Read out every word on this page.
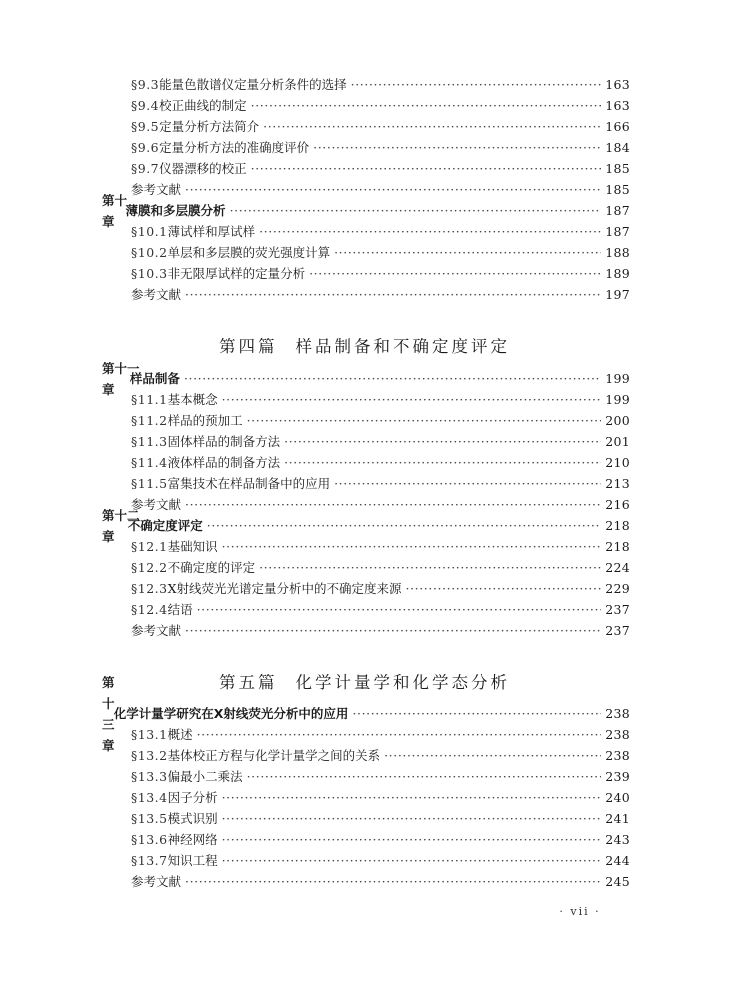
§9.3 能量色散谱仪定量分析条件的选择 ·····	163
§9.4 校正曲线的制定 ·····	163
§9.5 定量分析方法简介 ·····	166
§9.6 定量分析方法的准确度评价 ·····	184
§9.7 仪器漂移的校正 ·····	185
参考文献 ·····	185
第十章
薄膜和多层膜分析 ·····	187
§10.1 薄试样和厚试样 ·····	187
§10.2 单层和多层膜的荧光强度计算 ·····	188
§10.3 非无限厚试样的定量分析 ·····	189
参考文献 ·····	197
第四篇 样品制备和不确定度评定
第十一章
样品制备 ·····	199
§11.1 基本概念 ·····	199
§11.2 样品的预加工 ·····	200
§11.3 固体样品的制备方法 ·····	201
§11.4 液体样品的制备方法 ·····	210
§11.5 富集技术在样品制备中的应用 ·····	213
参考文献 ·····	216
第十二章
不确定度评定 ·····	218
§12.1 基础知识 ·····	218
§12.2 不确定度的评定 ·····	224
§12.3 X射线荧光光谱定量分析中的不确定度来源 ·····	229
§12.4 结语 ·····	237
参考文献 ·····	237
第五篇 化学计量学和化学态分析
第十三章
化学计量学研究在X射线荧光分析中的应用 ·····	238
§13.1 概述 ·····	238
§13.2 基体校正方程与化学计量学之间的关系 ·····	238
§13.3 偏最小二乘法 ·····	239
§13.4 因子分析 ·····	240
§13.5 模式识别 ·····	241
§13.6 神经网络 ·····	243
§13.7 知识工程 ·····	244
参考文献 ·····	245
· vii ·
